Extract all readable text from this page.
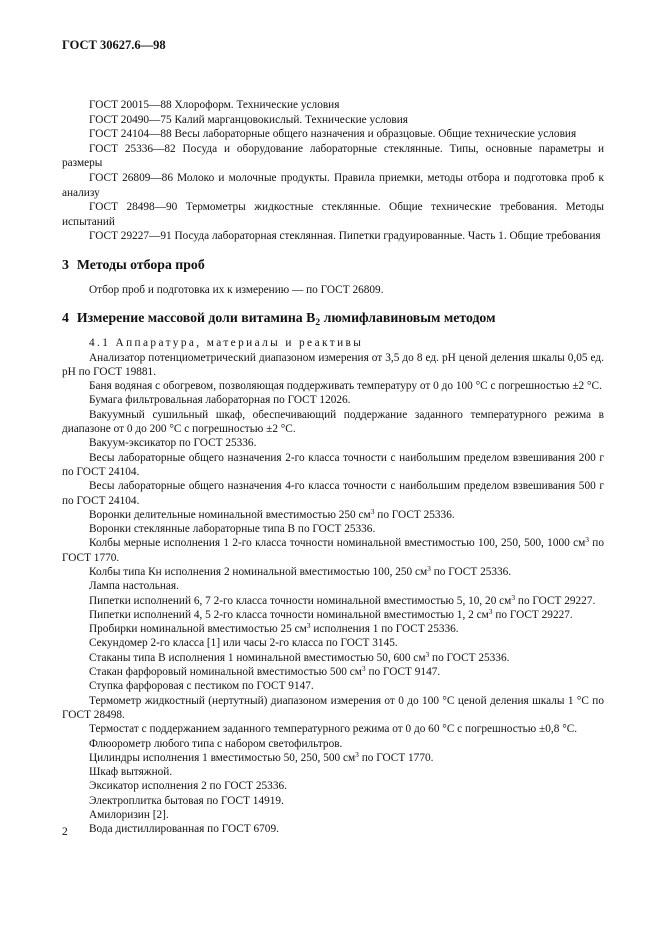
ГОСТ 30627.6—98

ГОСТ 20015—88 Хлороформ. Технические условия

ГОСТ 20490—75 Калий марганцовокислый. Технические условия

ГОСТ 24104—88 Весы лабораторные общего назначения и образцовые. Общие технические условия

ГОСТ 25336—82 Посуда и оборудование лабораторные стеклянные. Типы, основные параметры и размеры

ГОСТ 26809—86 Молоко и молочные продукты. Правила приемки, методы отбора и подготовка проб к анализу

ГОСТ 28498—90 Термометры жидкостные стеклянные. Общие технические требования. Методы испытаний

ГОСТ 29227—91 Посуда лабораторная стеклянная. Пипетки градуированные. Часть 1. Общие требования

3 Методы отбора проб

Отбор проб и подготовка их к измерению — по ГОСТ 26809.

4 Измерение массовой доли витамина $B_2$ люмифлавиновым методом

4.1 Аппаратура, материалы и реактивы

Анализатор потенциометрический диапазоном измерения от 3,5 до 8 ед. pH ценой деления шкалы 0,05 ед. pH по ГОСТ 19881.

Баня водяная с обогревом, позволяющая поддерживать температуру от 0 до 100 °С с погрешностью ±2 °С.

Бумага фильтровальная лабораторная по ГОСТ 12026.

Вакуумный сушильный шкаф, обеспечивающий поддержание заданного температурного режима в диапазоне от 0 до 200 °С с погрешностью ±2 °С.

Вакуум-эксикатор по ГОСТ 25336.

Весы лабораторные общего назначения 2-го класса точности с наибольшим пределом взвешивания 200 г по ГОСТ 24104.

Весы лабораторные общего назначения 4-го класса точности с наибольшим пределом взвешивания 500 г по ГОСТ 24104.

Воронки делительные номинальной вместимостью 250 $см^3$ по ГОСТ 25336.

Воронки стеклянные лабораторные типа В по ГОСТ 25336.

Колбы мерные исполнения 1 2-го класса точности номинальной вместимостью 100, 250, 500, 1000 $см^3$ по ГОСТ 1770.

Колбы типа Кн исполнения 2 номинальной вместимостью 100, 250 $см^3$ по ГОСТ 25336.

Лампа настольная.

Пипетки исполнений 6, 7 2-го класса точности номинальной вместимостью 5, 10, 20 $см^3$ по ГОСТ 29227.

Пипетки исполнений 4, 5 2-го класса точности номинальной вместимостью 1, 2 $см^3$ по ГОСТ 29227.

Пробирки номинальной вместимостью 25 $см^3$ исполнения 1 по ГОСТ 25336.

Секундомер 2-го класса [1] или часы 2-го класса по ГОСТ 3145.

Стаканы типа В исполнения 1 номинальной вместимостью 50, 600 $см^3$ по ГОСТ 25336.

Стакан фарфоровый номинальной вместимостью 500 $см^3$ по ГОСТ 9147.

Ступка фарфоровая с пестиком по ГОСТ 9147.

Термометр жидкостный (нертутный) диапазоном измерения от 0 до 100 °С ценой деления шкалы 1 °С по ГОСТ 28498.

Термостат с поддержанием заданного температурного режима от 0 до 60 °С с погрешностью ±0,8 °С.

Флюорометр любого типа с набором светофильтров.

Цилиндры исполнения 1 вместимостью 50, 250, 500 $см^3$ по ГОСТ 1770.

Шкаф вытяжной.

Эксикатор исполнения 2 по ГОСТ 25336.

Электроплитка бытовая по ГОСТ 14919.

Амилоризин [2].

Вода дистиллированная по ГОСТ 6709.

2
